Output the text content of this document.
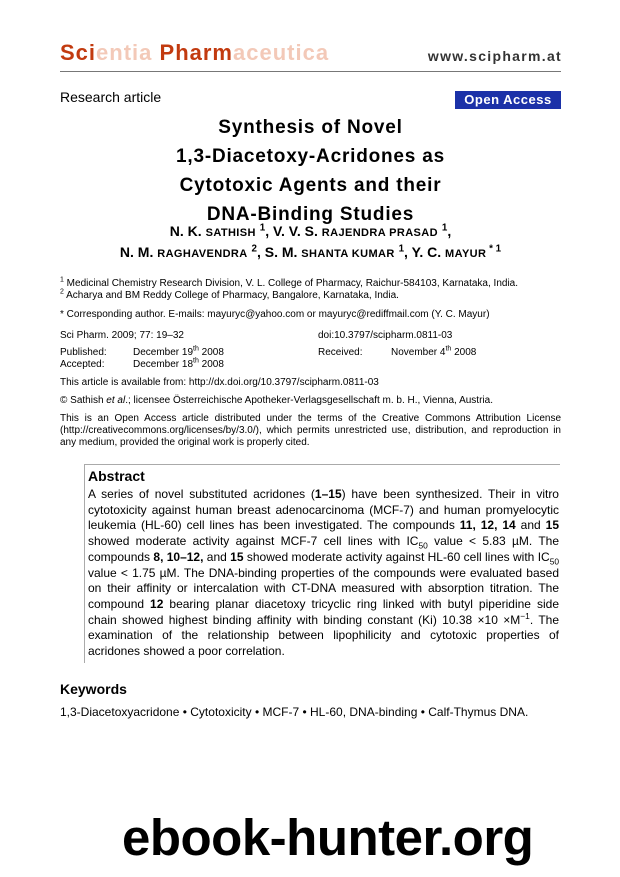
Scientia Pharmaceutica	www.scipharm.at
Research article	Open Access
Synthesis of Novel
1,3-Diacetoxy-Acridones as
Cytotoxic Agents and their
DNA-Binding Studies
N. K. SATHISH $^1$, V. V. S. RAJENDRA PRASAD $^1$,
N. M. RAGHAVENDRA $^2$, S. M. SHANTA KUMAR $^1$, Y. C. MAYUR $^{* 1}$
$^1$ Medicinal Chemistry Research Division, V. L. College of Pharmacy, Raichur-584103, Karnataka, India.
$^2$ Acharya and BM Reddy College of Pharmacy, Bangalore, Karnataka, India.
* Corresponding author. E-mails: mayuryc@yahoo.com or mayuryc@rediffmail.com (Y. C. Mayur)
Sci Pharm. 2009; 77: 19–32	doi:10.3797/scipharm.0811-03
Published:	December 19th 2008	Received:	November 4th 2008
Accepted:	December 18th 2008
This article is available from: http://dx.doi.org/10.3797/scipharm.0811-03
© Sathish et al.; licensee Österreichische Apotheker-Verlagsgesellschaft m. b. H., Vienna, Austria.
This is an Open Access article distributed under the terms of the Creative Commons Attribution License (http://creativecommons.org/licenses/by/3.0/), which permits unrestricted use, distribution, and reproduction in any medium, provided the original work is properly cited.
Abstract
A series of novel substituted acridones (1–15) have been synthesized. Their in vitro cytotoxicity against human breast adenocarcinoma (MCF-7) and human promyelocytic leukemia (HL-60) cell lines has been investigated. The compounds 11, 12, 14 and 15 showed moderate activity against MCF-7 cell lines with $IC_{50}$ value < 5.83 µM. The compounds 8, 10–12, and 15 showed moderate activity against HL-60 cell lines with $IC_{50}$ value < 1.75 µM. The DNA-binding properties of the compounds were evaluated based on their affinity or intercalation with CT-DNA measured with absorption titration. The compound 12 bearing planar diacetoxy tricyclic ring linked with butyl piperidine side chain showed highest binding affinity with binding constant (Ki) $10.38 \times 10 \times M^{-1}$. The examination of the relationship between lipophilicity and cytotoxic properties of acridones showed a poor correlation.
Keywords
1,3-Diacetoxyacridone • Cytotoxicity • MCF-7 • HL-60, DNA-binding • Calf-Thymus DNA.
ebook-hunter.org
